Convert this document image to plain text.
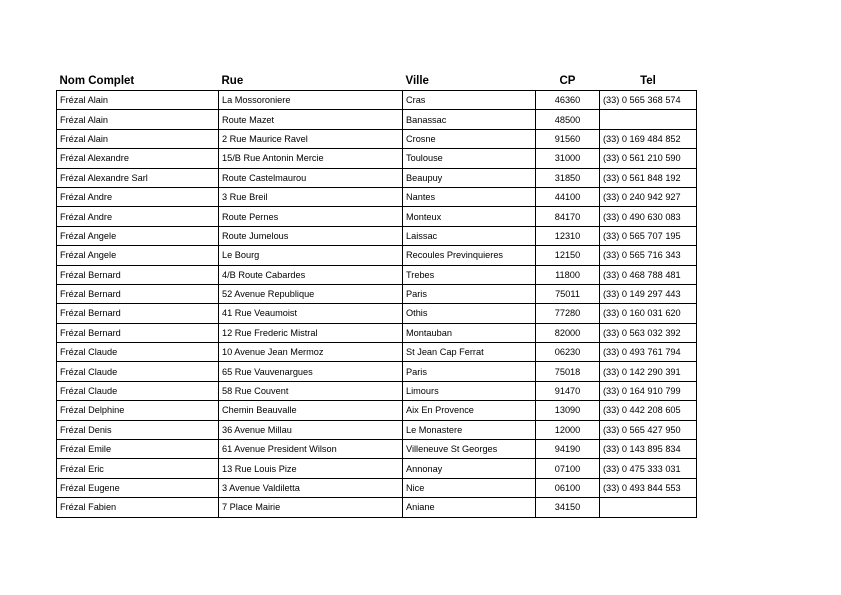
Nom Complet	Rue	Ville	CP	Tel
Frézal Alain	La Mossoroniere	Cras	46360	(33) 0 565 368 574
Frézal Alain	Route Mazet	Banassac	48500	
Frézal Alain	2 Rue Maurice Ravel	Crosne	91560	(33) 0 169 484 852
Frézal Alexandre	15/B Rue Antonin Mercie	Toulouse	31000	(33) 0 561 210 590
Frézal Alexandre Sarl	Route Castelmaurou	Beaupuy	31850	(33) 0 561 848 192
Frézal Andre	3 Rue Breil	Nantes	44100	(33) 0 240 942 927
Frézal Andre	Route Pernes	Monteux	84170	(33) 0 490 630 083
Frézal Angele	Route Jumelous	Laissac	12310	(33) 0 565 707 195
Frézal Angele	Le Bourg	Recoules Previnquieres	12150	(33) 0 565 716 343
Frézal Bernard	4/B Route Cabardes	Trebes	11800	(33) 0 468 788 481
Frézal Bernard	52 Avenue Republique	Paris	75011	(33) 0 149 297 443
Frézal Bernard	41 Rue Veaumoist	Othis	77280	(33) 0 160 031 620
Frézal Bernard	12 Rue Frederic Mistral	Montauban	82000	(33) 0 563 032 392
Frézal Claude	10 Avenue Jean Mermoz	St Jean Cap Ferrat	06230	(33) 0 493 761 794
Frézal Claude	65 Rue Vauvenargues	Paris	75018	(33) 0 142 290 391
Frézal Claude	58 Rue Couvent	Limours	91470	(33) 0 164 910 799
Frézal Delphine	Chemin Beauvalle	Aix En Provence	13090	(33) 0 442 208 605
Frézal Denis	36 Avenue Millau	Le Monastere	12000	(33) 0 565 427 950
Frézal Emile	61 Avenue President Wilson	Villeneuve St Georges	94190	(33) 0 143 895 834
Frézal Eric	13 Rue Louis Pize	Annonay	07100	(33) 0 475 333 031
Frézal Eugene	3 Avenue Valdiletta	Nice	06100	(33) 0 493 844 553
Frézal Fabien	7 Place Mairie	Aniane	34150	
